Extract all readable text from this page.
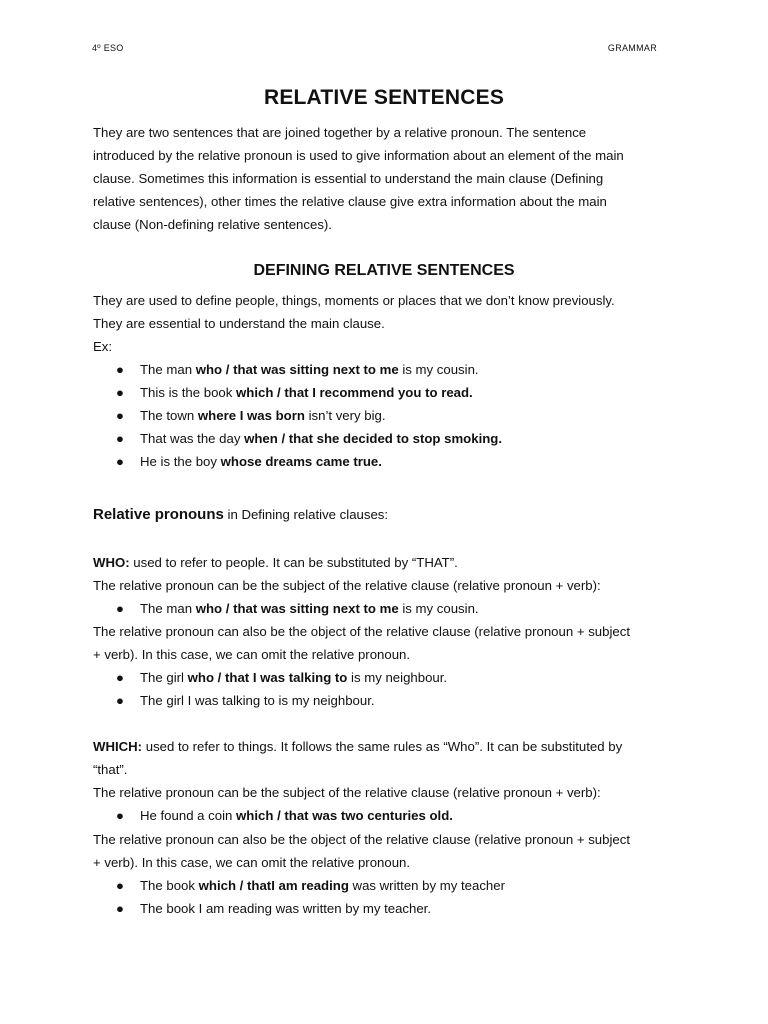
4º ESO	GRAMMAR
RELATIVE SENTENCES
They are two sentences that are joined together by a relative pronoun. The sentence
introduced by the relative pronoun is used to give information about an element of the main
clause. Sometimes this information is essential to understand the main clause (Defining
relative sentences), other times the relative clause give extra information about the main
clause (Non-defining relative sentences).
DEFINING RELATIVE SENTENCES
They are used to define people, things, moments or places that we don’t know previously.
They are essential to understand the main clause.
Ex:
● The man who / that was sitting next to me is my cousin.
● This is the book which / that I recommend you to read.
● The town where I was born isn’t very big.
● That was the day when / that she decided to stop smoking.
● He is the boy whose dreams came true.
Relative pronouns in Defining relative clauses:
WHO: used to refer to people. It can be substituted by “THAT”.
The relative pronoun can be the subject of the relative clause (relative pronoun + verb):
● The man who / that was sitting next to me is my cousin.
The relative pronoun can also be the object of the relative clause (relative pronoun + subject
+ verb). In this case, we can omit the relative pronoun.
● The girl who / that I was talking to is my neighbour.
● The girl I was talking to is my neighbour.
WHICH: used to refer to things. It follows the same rules as “Who”. It can be substituted by
“that”.
The relative pronoun can be the subject of the relative clause (relative pronoun + verb):
● He found a coin which / that was two centuries old.
The relative pronoun can also be the object of the relative clause (relative pronoun + subject
+ verb). In this case, we can omit the relative pronoun.
● The book which / thatI am reading was written by my teacher
● The book I am reading was written by my teacher.
